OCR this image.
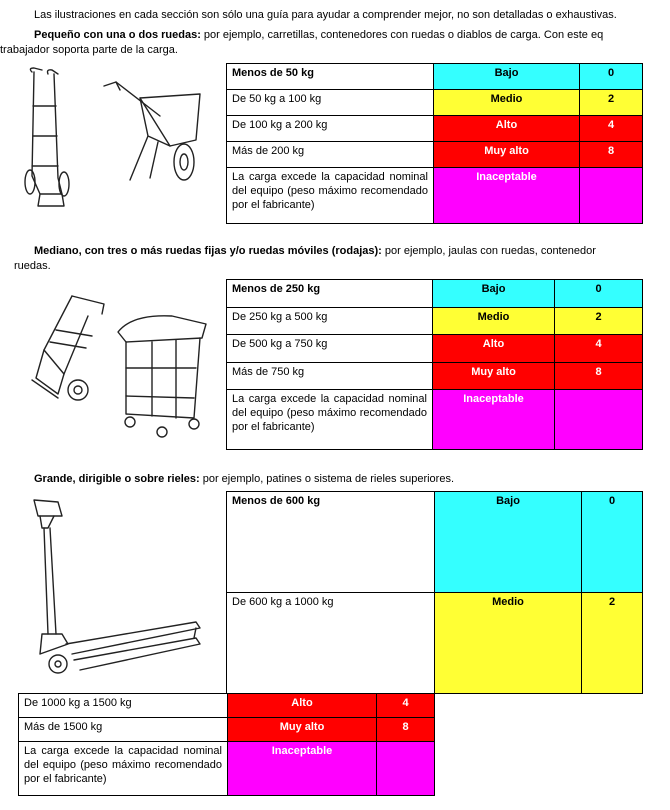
Las ilustraciones en cada sección son sólo una guía para ayudar a comprender mejor, no son detalladas o exhaustivas.
Pequeño con una o dos ruedas: por ejemplo, carretillas, contenedores con ruedas o diablos de carga. Con este eq
trabajador soporta parte de la carga.
Menos de 50 kg	Bajo	0
De 50 kg a 100 kg	Medio	2
De 100 kg a 200 kg	Alto	4
Más de 200 kg	Muy alto	8
La carga excede la capacidad nominal del equipo (peso máximo recomendado por el fabricante)	Inaceptable	
Mediano, con tres o más ruedas fijas y/o ruedas móviles (rodajas): por ejemplo, jaulas con ruedas, contenedor
ruedas.
Menos de 250 kg	Bajo	0
De 250 kg a 500 kg	Medio	2
De 500 kg a 750 kg	Alto	4
Más de 750 kg	Muy alto	8
La carga excede la capacidad nominal del equipo (peso máximo recomendado por el fabricante)	Inaceptable	
Grande, dirigible o sobre rieles: por ejemplo, patines o sistema de rieles superiores.
Menos de 600 kg	Bajo	0
De 600 kg a 1000 kg	Medio	2
De 1000 kg a 1500 kg	Alto	4
Más de 1500 kg	Muy alto	8
La carga excede la capacidad nominal del equipo (peso máximo recomendado por el fabricante)	Inaceptable	
